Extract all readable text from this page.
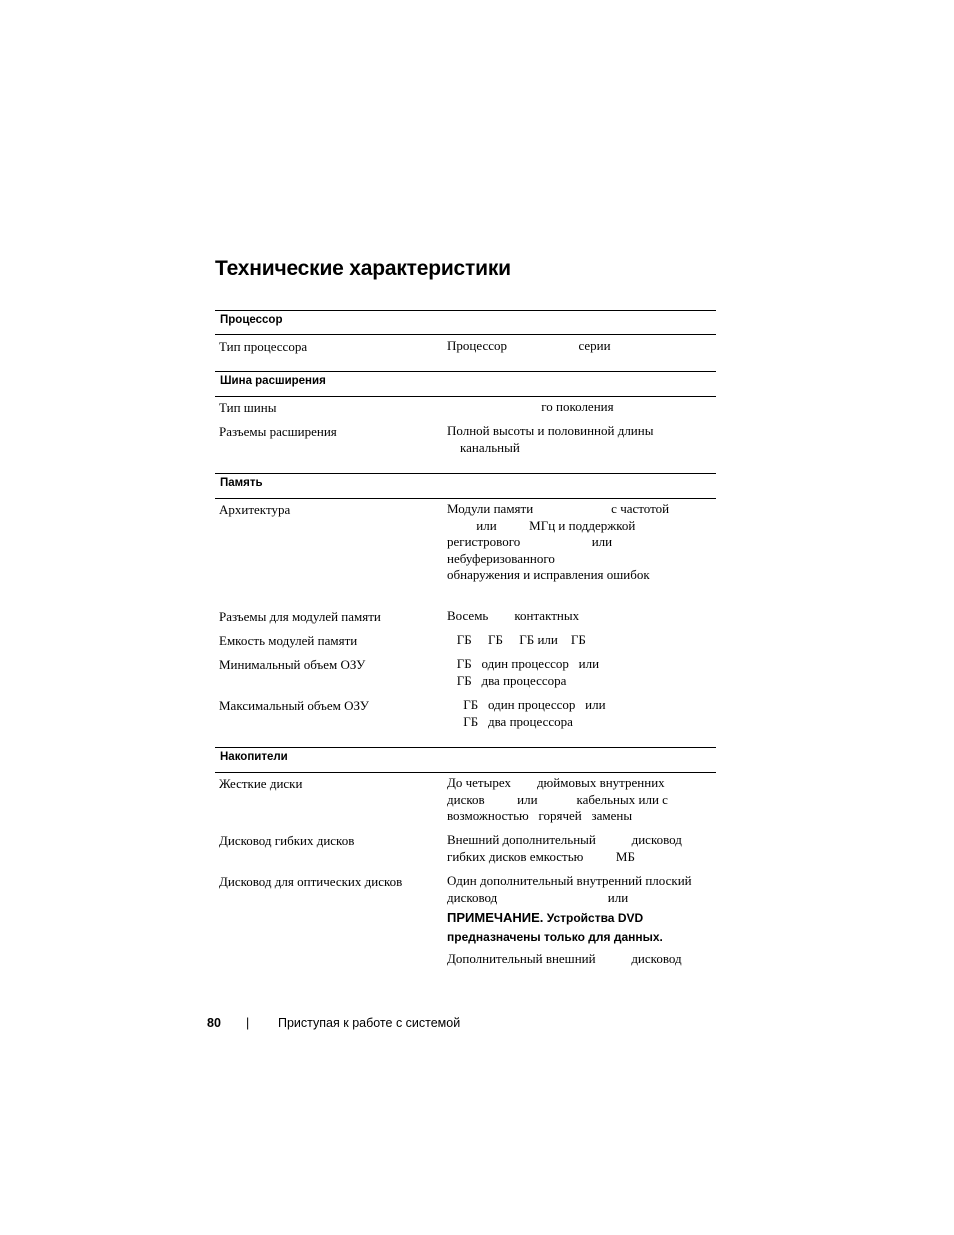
Технические характеристики
Процессор
Тип процессора	Процессор                      серии
Шина расширения
Тип шины	го поколения
Разъемы расширения	Полной высоты и половинной длины
канальный
Память
Архитектура	Модули памяти                        с частотой
или          МГц и поддержкой
регистрового                      или
небуферизованного
обнаружения и исправления ошибок
Разъемы для модулей памяти	Восемь        контактных
Емкость модулей памяти	ГБ     ГБ     ГБ или    ГБ
Минимальный объем ОЗУ	ГБ   один процессор   или
ГБ   два процессора
Максимальный объем ОЗУ	ГБ   один процессор   или
ГБ   два процессора
Накопители
Жесткие диски	До четырех        дюймовых внутренних
дисков          или            кабельных или с
возможностью   горячей   замены
Дисковод гибких дисков	Внешний дополнительный           дисковод
гибких дисков емкостью          МБ
Дисковод для оптических дисков	Один дополнительный внутренний плоский
дисковод                                  или
ПРИМЕЧАНИЕ. Устройства DVD
предназначены только для данных.
Дополнительный внешний           дисковод
80 | Приступая к работе с системой
